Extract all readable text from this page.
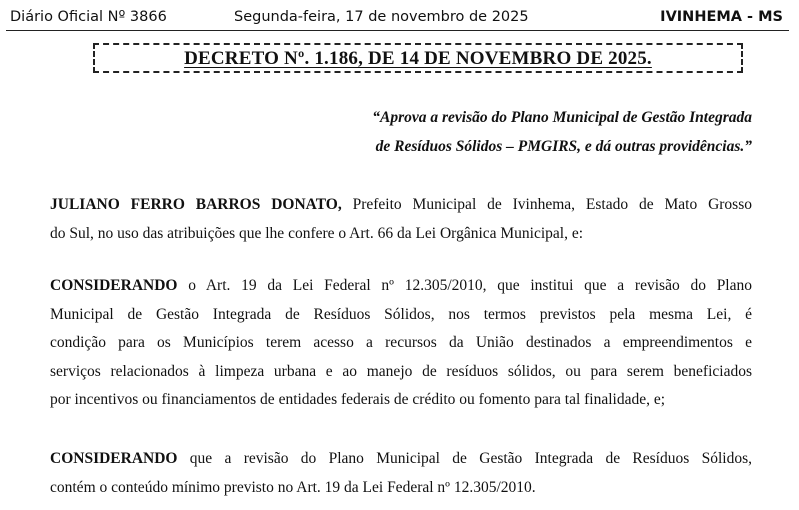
Diário Oficial Nº 3866	Segunda-feira, 17 de novembro de 2025	IVINHEMA - MS
DECRETO Nº. 1.186, DE 14 DE NOVEMBRO DE 2025.
“Aprova a revisão do Plano Municipal de Gestão Integrada
de Resíduos Sólidos – PMGIRS, e dá outras providências.”
JULIANO FERRO BARROS DONATO, Prefeito Municipal de Ivinhema, Estado de Mato Grosso
do Sul, no uso das atribuições que lhe confere o Art. 66 da Lei Orgânica Municipal, e:
CONSIDERANDO o Art. 19 da Lei Federal nº 12.305/2010, que institui que a revisão do Plano
Municipal de Gestão Integrada de Resíduos Sólidos, nos termos previstos pela mesma Lei, é
condição para os Municípios terem acesso a recursos da União destinados a empreendimentos e
serviços relacionados à limpeza urbana e ao manejo de resíduos sólidos, ou para serem beneficiados
por incentivos ou financiamentos de entidades federais de crédito ou fomento para tal finalidade, e;
CONSIDERANDO que a revisão do Plano Municipal de Gestão Integrada de Resíduos Sólidos,
contém o conteúdo mínimo previsto no Art. 19 da Lei Federal nº 12.305/2010.
